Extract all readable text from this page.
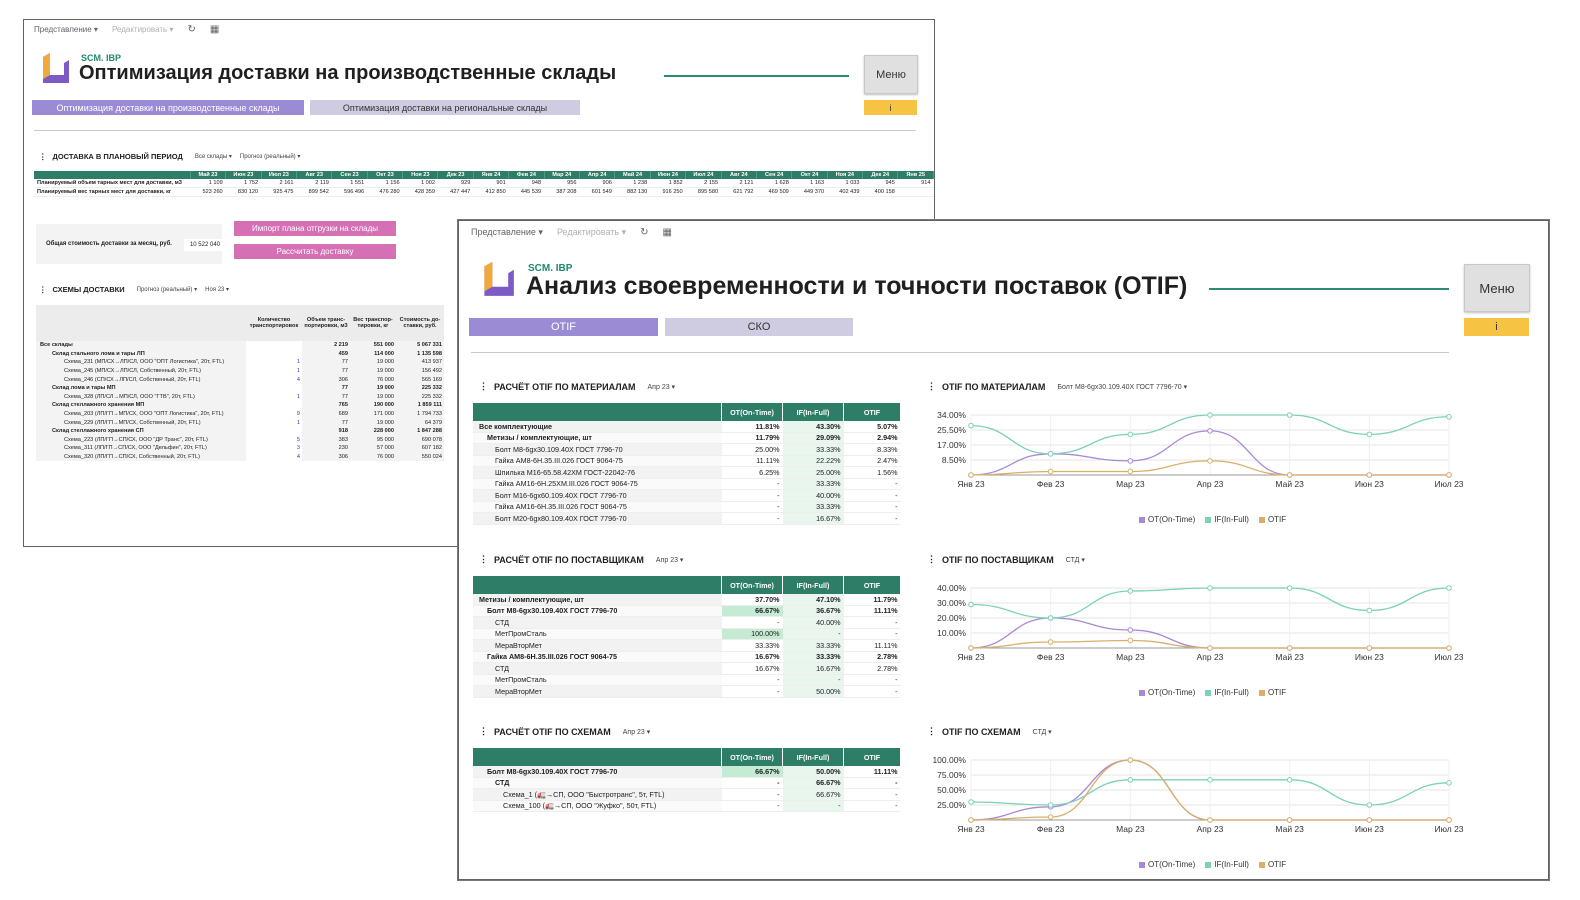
Представление ▾ Редактировать ▾ ↻ ▦
SCM. IBP
Оптимизация доставки на производственные склады	Меню
i
Оптимизация доставки на производственные склады	Оптимизация доставки на региональные склады
⋮ ДОСТАВКА В ПЛАНОВЫЙ ПЕРИОД Все склады ▾	Прогноз (реальный) ▾
	Май 23	Июн 23	Июл 23	Авг 23	Сен 23	Окт 23	Ноя 23	Дек 23	Янв 24	Фев 24	Мар 24	Апр 24	Май 24	Июн 24	Июл 24	Авг 24	Сен 24	Окт 24	Ноя 24	Дек 24	Янв 25
Планируемый объем тарных мест для доставки, м3	1 109	1 752	2 161	2 119	1 551	1 156	1 002	929	901	948	956	906	1 238	1 852	2 155	2 121	1 628	1 163	1 033	945	914
Планируемый вес тарных мест для доставки, кг	523 260	830 120	925 475	899 542	596 496	476 280	428 359	427 447	412 850	445 539	387 208	601 549	882 130	916 250	895 580	621 792	469 509	449 370	402 439	400 158	
Общая стоимость доставки за месяц, руб.	10 522 040
Импорт плана отгрузки на склады
Рассчитать доставку
⋮ СХЕМЫ ДОСТАВКИ Прогноз (реальный) ▾	Ноя 23 ▾
	Количество транспортировок	Объем транс-портировки, м3	Вес транспор-тировки, кг	Стоимость до-ставки, руб.
Все склады		2 219	551 000	5 067 331
Склад стального лома и тары ЛП		459	114 000	1 135 598
Схема_231 (МП/СХ→ЛП/СЛ, ООО "ОПТ Логистика", 20т, FTL)	1	77	19 000	413 937
Схема_245 (МП/СХ→ЛП/СЛ, Собственный, 20т, FTL)	1	77	19 000	156 492
Схема_246 (СП/СХ→ЛП/СЛ, Собственный, 20т, FTL)	4	306	76 000	565 169
Склад лома и тары МП		77	19 000	225 332
Схема_328 (ЛП/СЛ→МП/СЛ, ООО "ГТВ", 20т, FTL)	1	77	19 000	225 332
Склад стеллажного хранения МП		765	190 000	1 859 111
Схема_203 (ЛП/ГП→МП/СХ, ООО "ОПТ Логистика", 20т, FTL)	9	689	171 000	1 794 733
Схема_229 (ЛП/ГП→МП/СХ, Собственный, 20т, FTL)	1	77	19 000	64 379
Склад стеллажного хранения СП		918	228 000	1 847 288
Схема_223 (ЛП/ГП→СП/СХ, ООО "ДР Транс", 20т, FTL)	5	383	95 000	690 078
Схема_311 (ЛП/ГП→СП/СХ, ООО "Дельфин", 20т, FTL)	3	230	57 000	607 182
Схема_320 (ЛП/ГП→СП/СХ, Собственный, 20т, FTL)	4	306	76 000	550 024
Представление ▾ Редактировать ▾ ↻ ▦
SCM. IBP
Анализ своевременности и точности поставок (OTIF)	Меню
i
OTIF	СКО
⋮ РАСЧЁТ OTIF ПО МАТЕРИАЛАМ Апр 23 ▾
	OT(On-Time)	IF(In-Full)	OTIF
Все комплектующие	11.81%	43.30%	5.07%
Метизы / комплектующие, шт	11.79%	29.09%	2.94%
Болт М8-6gх30.109.40Х ГОСТ 7796-70	25.00%	33.33%	8.33%
Гайка АМ8-6Н.35.III.026 ГОСТ 9064-75	11.11%	22.22%	2.47%
Шпилька М16-65.58.42ХМ ГОСТ-22042-76	6.25%	25.00%	1.56%
Гайка АМ16-6Н.25ХМ.III.026 ГОСТ 9064-75	-	33.33%	-
Болт М16-6gх60.109.40Х ГОСТ 7796-70	-	40.00%	-
Гайка АМ16-6Н.35.III.026 ГОСТ 9064-75	-	33.33%	-
Болт М20-6gх80.109.40Х ГОСТ 7796-70	-	16.67%	-
⋮ РАСЧЁТ OTIF ПО ПОСТАВЩИКАМ Апр 23 ▾
	OT(On-Time)	IF(In-Full)	OTIF
Метизы / комплектующие, шт	37.70%	47.10%	11.79%
Болт М8-6gх30.109.40Х ГОСТ 7796-70	66.67%	36.67%	11.11%
СТД	-	40.00%	-
МетПромСталь	100.00%	-	-
МераВторМет	33.33%	33.33%	11.11%
Гайка АМ8-6Н.35.III.026 ГОСТ 9064-75	16.67%	33.33%	2.78%
СТД	16.67%	16.67%	2.78%
МетПромСталь	-	-	-
МераВторМет	-	50.00%	-
⋮ РАСЧЁТ OTIF ПО СХЕМАМ Апр 23 ▾
	OT(On-Time)	IF(In-Full)	OTIF
Болт М8-6gх30.109.40Х ГОСТ 7796-70	66.67%	50.00%	11.11%
СТД	-	66.67%	-
Схема_1 (🚛→СП, ООО "Быстротранс", 5т, FTL)	-	66.67%	-
Схема_100 (🚛→СП, ООО "Жуфко", 50т, FTL)	-	-	-
⋮ OTIF ПО МАТЕРИАЛАМ Болт М8-6gх30.109.40Х ГОСТ 7796-70 ▾
⋮ OTIF ПО ПОСТАВЩИКАМ СТД ▾
⋮ OTIF ПО СХЕМАМ СТД ▾
8.50%
17.00%
25.50%
34.00%
Янв 23	Фев 23	Мар 23	Апр 23	Май 23	Июн 23	Июл 23
10.00%
20.00%
30.00%
40.00%
Янв 23	Фев 23	Мар 23	Апр 23	Май 23	Июн 23	Июл 23
25.00%
50.00%
75.00%
100.00%
Янв 23	Фев 23	Мар 23	Апр 23	Май 23	Июн 23	Июл 23
OT(On-Time)	IF(In-Full)	OTIF
OT(On-Time)	IF(In-Full)	OTIF
OT(On-Time)	IF(In-Full)	OTIF
